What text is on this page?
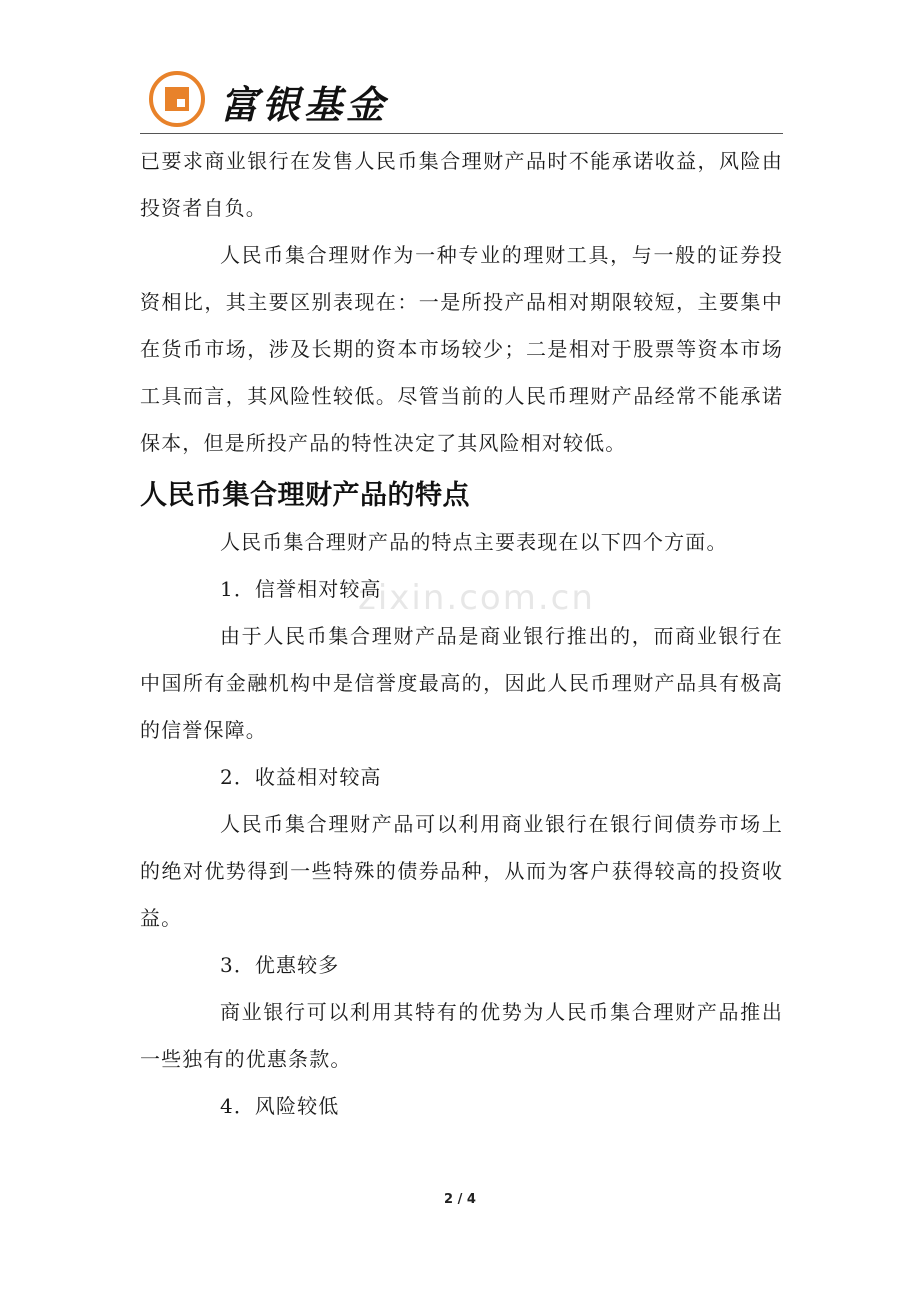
富银基金
zixin.com.cn

已要求商业银行在发售人民币集合理财产品时不能承诺收益，风险由投资者自负。

人民币集合理财作为一种专业的理财工具，与一般的证券投资相比，其主要区别表现在：一是所投产品相对期限较短，主要集中在货币市场，涉及长期的资本市场较少；二是相对于股票等资本市场工具而言，其风险性较低。尽管当前的人民币理财产品经常不能承诺保本，但是所投产品的特性决定了其风险相对较低。

人民币集合理财产品的特点

人民币集合理财产品的特点主要表现在以下四个方面。

1．信誉相对较高

由于人民币集合理财产品是商业银行推出的，而商业银行在中国所有金融机构中是信誉度最高的，因此人民币理财产品具有极高的信誉保障。

2．收益相对较高

人民币集合理财产品可以利用商业银行在银行间债券市场上的绝对优势得到一些特殊的债券品种，从而为客户获得较高的投资收益。

3．优惠较多

商业银行可以利用其特有的优势为人民币集合理财产品推出一些独有的优惠条款。

4．风险较低

2 / 4
